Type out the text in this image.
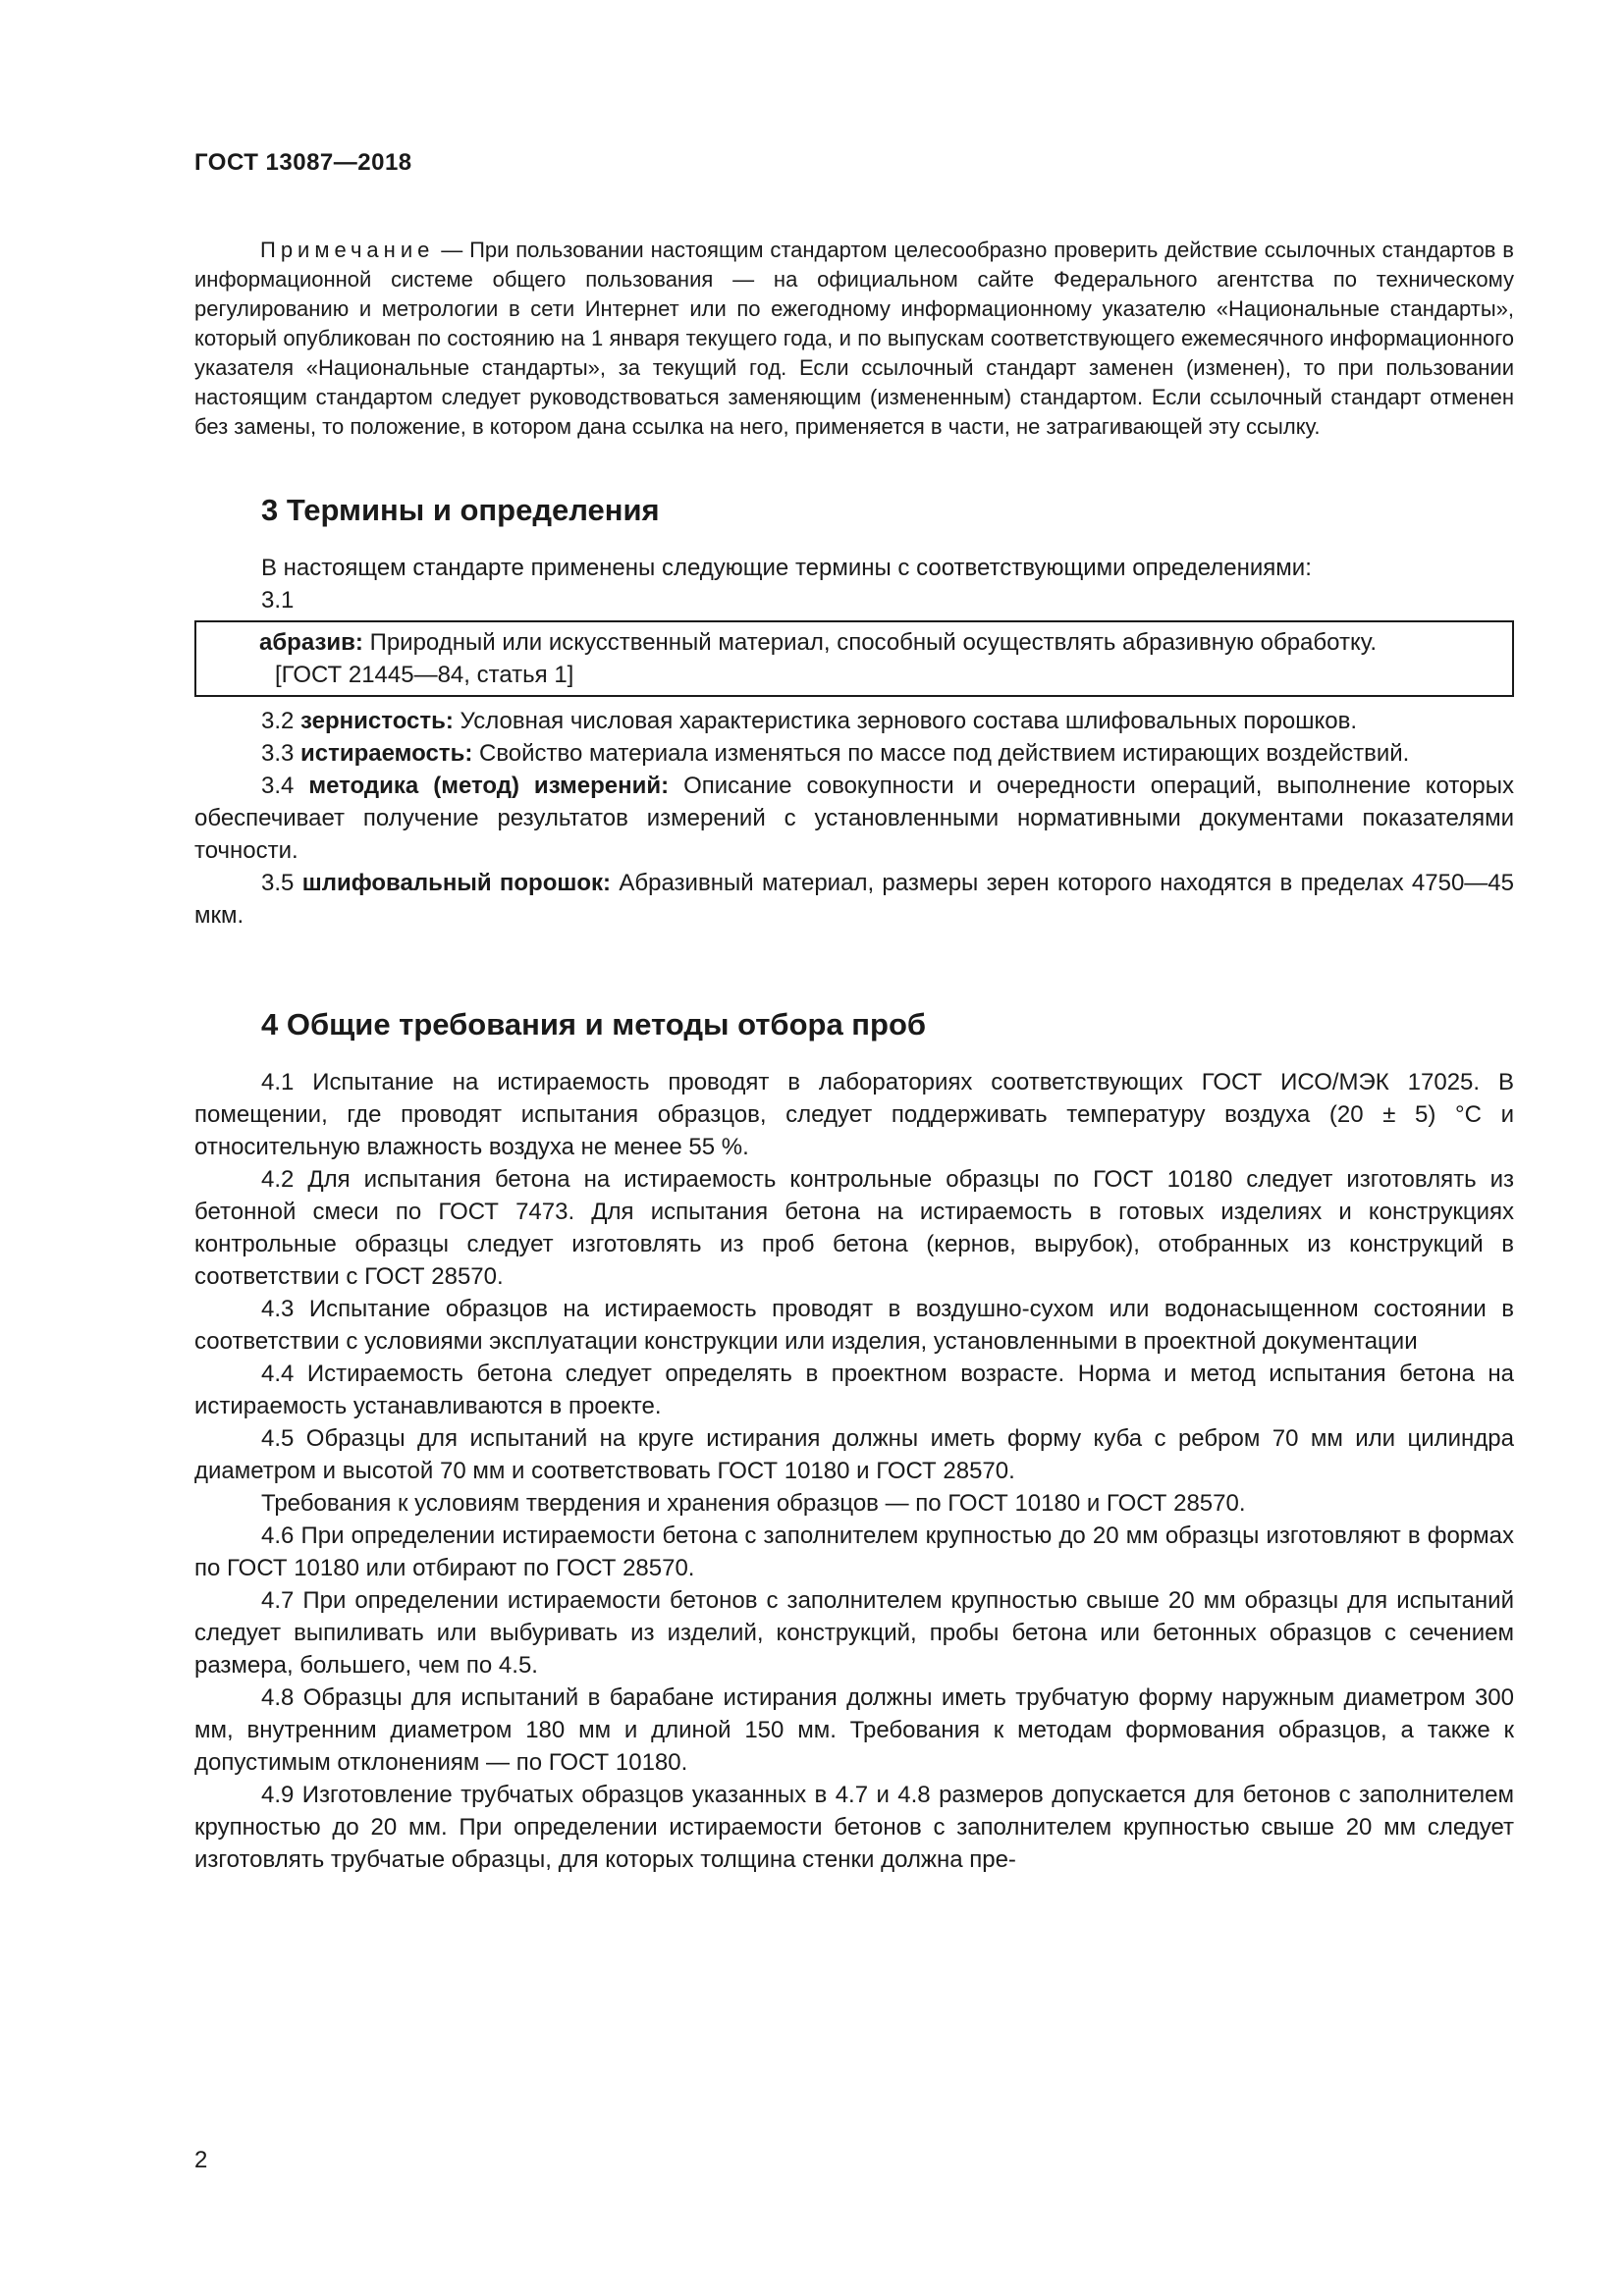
ГОСТ 13087—2018

Примечание — При пользовании настоящим стандартом целесообразно проверить действие ссылочных стандартов в информационной системе общего пользования — на официальном сайте Федерального агентства по техническому регулированию и метрологии в сети Интернет или по ежегодному информационному указателю «Национальные стандарты», который опубликован по состоянию на 1 января текущего года, и по выпускам соответствующего ежемесячного информационного указателя «Национальные стандарты», за текущий год. Если ссылочный стандарт заменен (изменен), то при пользовании настоящим стандартом следует руководствоваться заменяющим (измененным) стандартом. Если ссылочный стандарт отменен без замены, то положение, в котором дана ссылка на него, применяется в части, не затрагивающей эту ссылку.

3 Термины и определения

В настоящем стандарте применены следующие термины с соответствующими определениями:

3.1

абразив: Природный или искусственный материал, способный осуществлять абразивную обработку.

[ГОСТ 21445—84, статья 1]

3.2 зернистость: Условная числовая характеристика зернового состава шлифовальных порошков.

3.3 истираемость: Свойство материала изменяться по массе под действием истирающих воздействий.

3.4 методика (метод) измерений: Описание совокупности и очередности операций, выполнение которых обеспечивает получение результатов измерений с установленными нормативными документами показателями точности.

3.5 шлифовальный порошок: Абразивный материал, размеры зерен которого находятся в пределах 4750—45 мкм.

4 Общие требования и методы отбора проб

4.1 Испытание на истираемость проводят в лабораториях соответствующих ГОСТ ИСО/МЭК 17025. В помещении, где проводят испытания образцов, следует поддерживать температуру воздуха (20 ± 5) °С и относительную влажность воздуха не менее 55 %.

4.2 Для испытания бетона на истираемость контрольные образцы по ГОСТ 10180 следует изготовлять из бетонной смеси по ГОСТ 7473. Для испытания бетона на истираемость в готовых изделиях и конструкциях контрольные образцы следует изготовлять из проб бетона (кернов, вырубок), отобранных из конструкций в соответствии с ГОСТ 28570.

4.3 Испытание образцов на истираемость проводят в воздушно-сухом или водонасыщенном состоянии в соответствии с условиями эксплуатации конструкции или изделия, установленными в проектной документации

4.4 Истираемость бетона следует определять в проектном возрасте. Норма и метод испытания бетона на истираемость устанавливаются в проекте.

4.5 Образцы для испытаний на круге истирания должны иметь форму куба с ребром 70 мм или цилиндра диаметром и высотой 70 мм и соответствовать ГОСТ 10180 и ГОСТ 28570.

Требования к условиям твердения и хранения образцов — по ГОСТ 10180 и ГОСТ 28570.

4.6 При определении истираемости бетона с заполнителем крупностью до 20 мм образцы изготовляют в формах по ГОСТ 10180 или отбирают по ГОСТ 28570.

4.7 При определении истираемости бетонов с заполнителем крупностью свыше 20 мм образцы для испытаний следует выпиливать или выбуривать из изделий, конструкций, пробы бетона или бетонных образцов с сечением размера, большего, чем по 4.5.

4.8 Образцы для испытаний в барабане истирания должны иметь трубчатую форму наружным диаметром 300 мм, внутренним диаметром 180 мм и длиной 150 мм. Требования к методам формования образцов, а также к допустимым отклонениям — по ГОСТ 10180.

4.9 Изготовление трубчатых образцов указанных в 4.7 и 4.8 размеров допускается для бетонов с заполнителем крупностью до 20 мм. При определении истираемости бетонов с заполнителем крупностью свыше 20 мм следует изготовлять трубчатые образцы, для которых толщина стенки должна пре-

2
